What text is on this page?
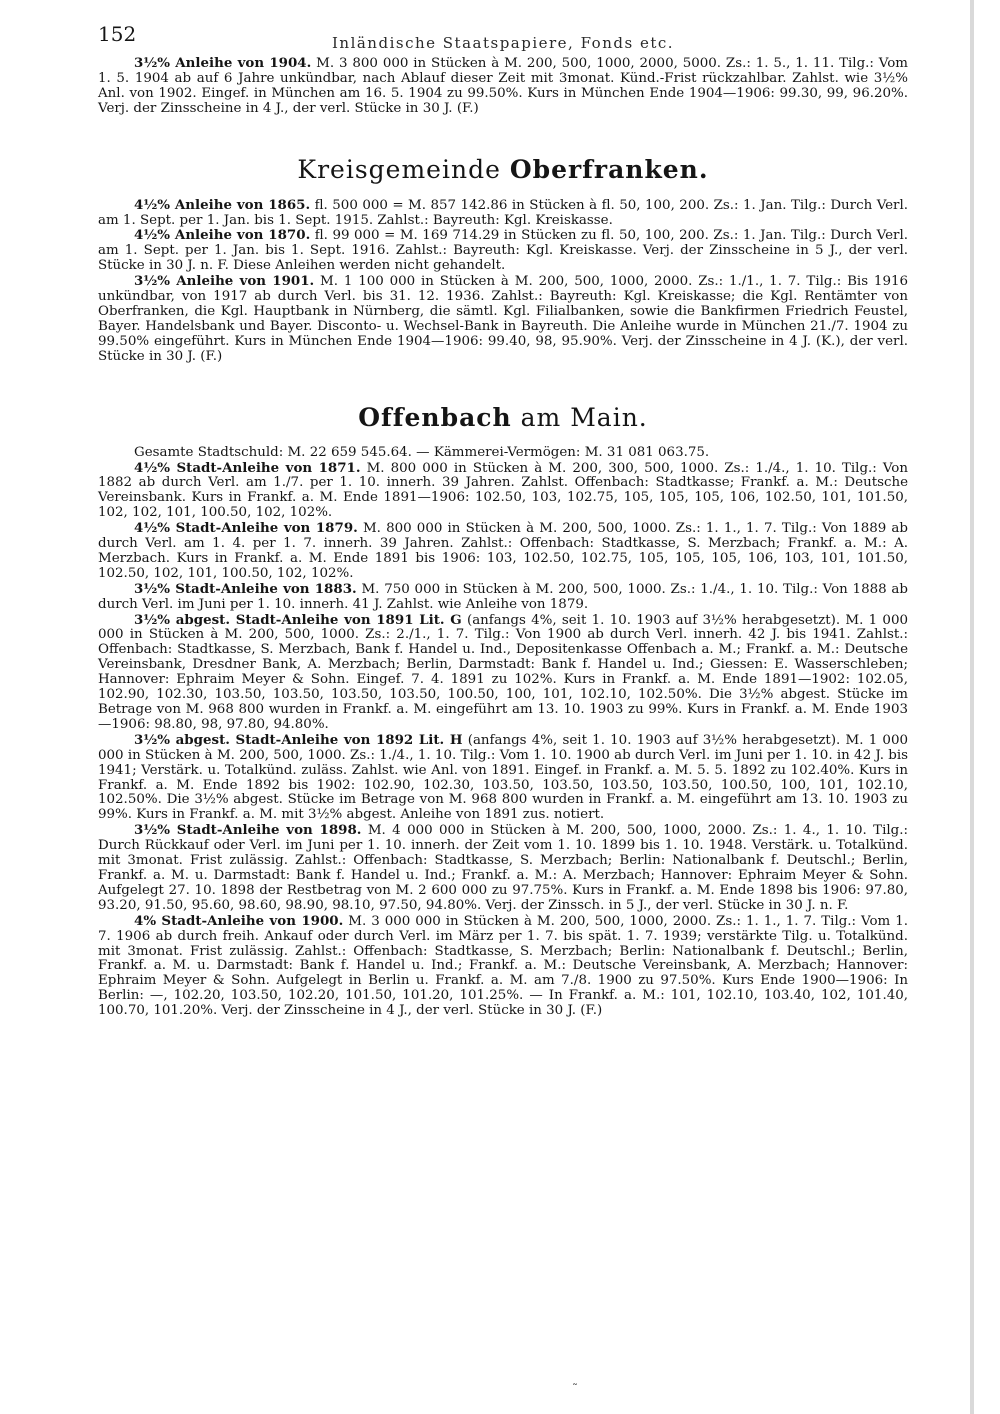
152	Inländische Staatspapiere, Fonds etc.

3½% Anleihe von 1904. M. 3 800 000 in Stücken à M. 200, 500, 1000, 2000, 5000. Zs.: 1. 5., 1. 11. Tilg.: Vom 1. 5. 1904 ab auf 6 Jahre unkündbar, nach Ablauf dieser Zeit mit 3monat. Künd.-Frist rückzahlbar. Zahlst. wie 3½% Anl. von 1902. Eingef. in München am 16. 5. 1904 zu 99.50%. Kurs in München Ende 1904—1906: 99.30, 99, 96.20%. Verj. der Zinsscheine in 4 J., der verl. Stücke in 30 J. (F.)

Kreisgemeinde Oberfranken.

4½% Anleihe von 1865. fl. 500 000 = M. 857 142.86 in Stücken à fl. 50, 100, 200. Zs.: 1. Jan. Tilg.: Durch Verl. am 1. Sept. per 1. Jan. bis 1. Sept. 1915. Zahlst.: Bayreuth: Kgl. Kreiskasse.

4½% Anleihe von 1870. fl. 99 000 = M. 169 714.29 in Stücken zu fl. 50, 100, 200. Zs.: 1. Jan. Tilg.: Durch Verl. am 1. Sept. per 1. Jan. bis 1. Sept. 1916. Zahlst.: Bayreuth: Kgl. Kreiskasse. Verj. der Zinsscheine in 5 J., der verl. Stücke in 30 J. n. F. Diese Anleihen werden nicht gehandelt.

3½% Anleihe von 1901. M. 1 100 000 in Stücken à M. 200, 500, 1000, 2000. Zs.: 1./1., 1. 7. Tilg.: Bis 1916 unkündbar, von 1917 ab durch Verl. bis 31. 12. 1936. Zahlst.: Bayreuth: Kgl. Kreiskasse; die Kgl. Rentämter von Oberfranken, die Kgl. Hauptbank in Nürnberg, die sämtl. Kgl. Filialbanken, sowie die Bankfirmen Friedrich Feustel, Bayer. Handelsbank und Bayer. Disconto- u. Wechsel-Bank in Bayreuth. Die Anleihe wurde in München 21./7. 1904 zu 99.50% eingeführt. Kurs in München Ende 1904—1906: 99.40, 98, 95.90%. Verj. der Zinsscheine in 4 J. (K.), der verl. Stücke in 30 J. (F.)

Offenbach am Main.

Gesamte Stadtschuld: M. 22 659 545.64. — Kämmerei-Vermögen: M. 31 081 063.75.

4½% Stadt-Anleihe von 1871. M. 800 000 in Stücken à M. 200, 300, 500, 1000. Zs.: 1./4., 1. 10. Tilg.: Von 1882 ab durch Verl. am 1./7. per 1. 10. innerh. 39 Jahren. Zahlst. Offenbach: Stadtkasse; Frankf. a. M.: Deutsche Vereinsbank. Kurs in Frankf. a. M. Ende 1891—1906: 102.50, 103, 102.75, 105, 105, 105, 106, 102.50, 101, 101.50, 102, 102, 101, 100.50, 102, 102%.

4½% Stadt-Anleihe von 1879. M. 800 000 in Stücken à M. 200, 500, 1000. Zs.: 1. 1., 1. 7. Tilg.: Von 1889 ab durch Verl. am 1. 4. per 1. 7. innerh. 39 Jahren. Zahlst.: Offenbach: Stadtkasse, S. Merzbach; Frankf. a. M.: A. Merzbach. Kurs in Frankf. a. M. Ende 1891 bis 1906: 103, 102.50, 102.75, 105, 105, 105, 106, 103, 101, 101.50, 102.50, 102, 101, 100.50, 102, 102%.

3½% Stadt-Anleihe von 1883. M. 750 000 in Stücken à M. 200, 500, 1000. Zs.: 1./4., 1. 10. Tilg.: Von 1888 ab durch Verl. im Juni per 1. 10. innerh. 41 J. Zahlst. wie Anleihe von 1879.

3½% abgest. Stadt-Anleihe von 1891 Lit. G (anfangs 4%, seit 1. 10. 1903 auf 3½% herabgesetzt). M. 1 000 000 in Stücken à M. 200, 500, 1000. Zs.: 2./1., 1. 7. Tilg.: Von 1900 ab durch Verl. innerh. 42 J. bis 1941. Zahlst.: Offenbach: Stadtkasse, S. Merzbach, Bank f. Handel u. Ind., Depositenkasse Offenbach a. M.; Frankf. a. M.: Deutsche Vereinsbank, Dresdner Bank, A. Merzbach; Berlin, Darmstadt: Bank f. Handel u. Ind.; Giessen: E. Wasserschleben; Hannover: Ephraim Meyer & Sohn. Eingef. 7. 4. 1891 zu 102%. Kurs in Frankf. a. M. Ende 1891—1902: 102.05, 102.90, 102.30, 103.50, 103.50, 103.50, 103.50, 100.50, 100, 101, 102.10, 102.50%. Die 3½% abgest. Stücke im Betrage von M. 968 800 wurden in Frankf. a. M. eingeführt am 13. 10. 1903 zu 99%. Kurs in Frankf. a. M. Ende 1903—1906: 98.80, 98, 97.80, 94.80%.

3½% abgest. Stadt-Anleihe von 1892 Lit. H (anfangs 4%, seit 1. 10. 1903 auf 3½% herabgesetzt). M. 1 000 000 in Stücken à M. 200, 500, 1000. Zs.: 1./4., 1. 10. Tilg.: Vom 1. 10. 1900 ab durch Verl. im Juni per 1. 10. in 42 J. bis 1941; Verstärk. u. Totalkünd. zuläss. Zahlst. wie Anl. von 1891. Eingef. in Frankf. a. M. 5. 5. 1892 zu 102.40%. Kurs in Frankf. a. M. Ende 1892 bis 1902: 102.90, 102.30, 103.50, 103.50, 103.50, 103.50, 100.50, 100, 101, 102.10, 102.50%. Die 3½% abgest. Stücke im Betrage von M. 968 800 wurden in Frankf. a. M. eingeführt am 13. 10. 1903 zu 99%. Kurs in Frankf. a. M. mit 3½% abgest. Anleihe von 1891 zus. notiert.

3½% Stadt-Anleihe von 1898. M. 4 000 000 in Stücken à M. 200, 500, 1000, 2000. Zs.: 1. 4., 1. 10. Tilg.: Durch Rückkauf oder Verl. im Juni per 1. 10. innerh. der Zeit vom 1. 10. 1899 bis 1. 10. 1948. Verstärk. u. Totalkünd. mit 3monat. Frist zulässig. Zahlst.: Offenbach: Stadtkasse, S. Merzbach; Berlin: Nationalbank f. Deutschl.; Berlin, Frankf. a. M. u. Darmstadt: Bank f. Handel u. Ind.; Frankf. a. M.: A. Merzbach; Hannover: Ephraim Meyer & Sohn. Aufgelegt 27. 10. 1898 der Restbetrag von M. 2 600 000 zu 97.75%. Kurs in Frankf. a. M. Ende 1898 bis 1906: 97.80, 93.20, 91.50, 95.60, 98.60, 98.90, 98.10, 97.50, 94.80%. Verj. der Zinssch. in 5 J., der verl. Stücke in 30 J. n. F.

4% Stadt-Anleihe von 1900. M. 3 000 000 in Stücken à M. 200, 500, 1000, 2000. Zs.: 1. 1., 1. 7. Tilg.: Vom 1. 7. 1906 ab durch freih. Ankauf oder durch Verl. im März per 1. 7. bis spät. 1. 7. 1939; verstärkte Tilg. u. Totalkünd. mit 3monat. Frist zulässig. Zahlst.: Offenbach: Stadtkasse, S. Merzbach; Berlin: Nationalbank f. Deutschl.; Berlin, Frankf. a. M. u. Darmstadt: Bank f. Handel u. Ind.; Frankf. a. M.: Deutsche Vereinsbank, A. Merzbach; Hannover: Ephraim Meyer & Sohn. Aufgelegt in Berlin u. Frankf. a. M. am 7./8. 1900 zu 97.50%. Kurs Ende 1900—1906: In Berlin: —, 102.20, 103.50, 102.20, 101.50, 101.20, 101.25%. — In Frankf. a. M.: 101, 102.10, 103.40, 102, 101.40, 100.70, 101.20%. Verj. der Zinsscheine in 4 J., der verl. Stücke in 30 J. (F.)

˜
